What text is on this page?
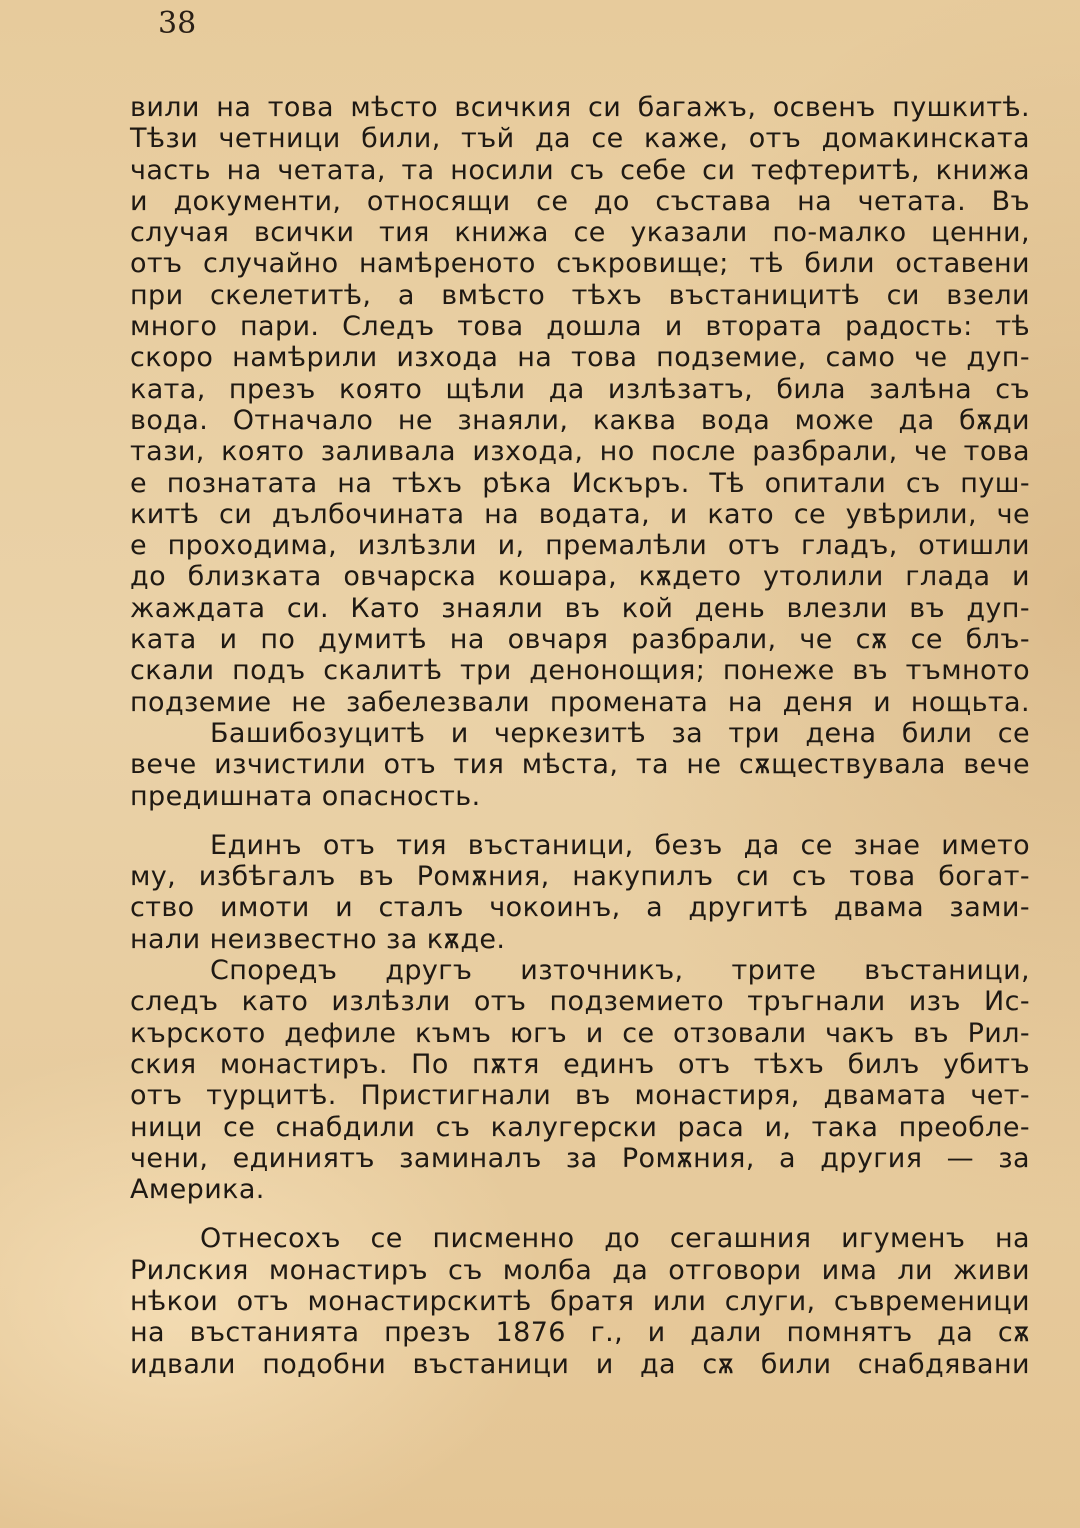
38
вили на това мѣсто всичкия си багажъ, освенъ пушкитѣ.
Тѣзи четници били, тъй да се каже, отъ домакинската
часть на четата, та носили съ себе си тефтеритѣ, книжа
и документи, относящи се до състава на четата. Въ
случая всички тия книжа се указали по-малко ценни,
отъ случайно намѣреното съкровище; тѣ били оставени
при скелетитѣ, а вмѣсто тѣхъ въстаницитѣ си взели
много пари. Следъ това дошла и втората радость: тѣ
скоро намѣрили изхода на това подземие, само че дуп-
ката, презъ която щѣли да излѣзатъ, била залѣна съ
вода. Отначало не знаяли, каква вода може да бѫди
тази, която заливала изхода, но после разбрали, че това
е познатата на тѣхъ рѣка Искъръ. Тѣ опитали съ пуш-
китѣ си дълбочината на водата, и като се увѣрили, че
е проходима, излѣзли и, премалѣли отъ гладъ, отишли
до близката овчарска кошара, кѫдето утолили глада и
жаждата си. Като знаяли въ кой день влезли въ дуп-
ката и по думитѣ на овчаря разбрали, че сѫ се блъ-
скали подъ скалитѣ три денонощия; понеже въ тъмното
подземие не забелезвали промената на деня и нощьта.
Башибозуцитѣ и черкезитѣ за три дена били се
вече изчистили отъ тия мѣста, та не сѫществувала вече
предишната опасность.
Единъ отъ тия въстаници, безъ да се знае името
му, избѣгалъ въ Ромѫния, накупилъ си съ това богат-
ство имоти и сталъ чокоинъ, а другитѣ двама зами-
нали неизвестно за кѫде.
Споредъ другъ източникъ, трите въстаници,
следъ като излѣзли отъ подземието тръгнали изъ Ис-
кърското дефиле къмъ югъ и се отзовали чакъ въ Рил-
ския монастиръ. По пѫтя единъ отъ тѣхъ билъ убитъ
отъ турцитѣ. Пристигнали въ монастиря, двамата чет-
ници се снабдили съ калугерски раса и, така преобле-
чени, единиятъ заминалъ за Ромѫния, а другия — за
Америка.
Отнесохъ се писменно до сегашния игуменъ на
Рилския монастиръ съ молба да отговори има ли живи
нѣкои отъ монастирскитѣ братя или слуги, съвременици
на въстанията презъ 1876 г., и дали помнятъ да сѫ
идвали подобни въстаници и да сѫ били снабдявани
